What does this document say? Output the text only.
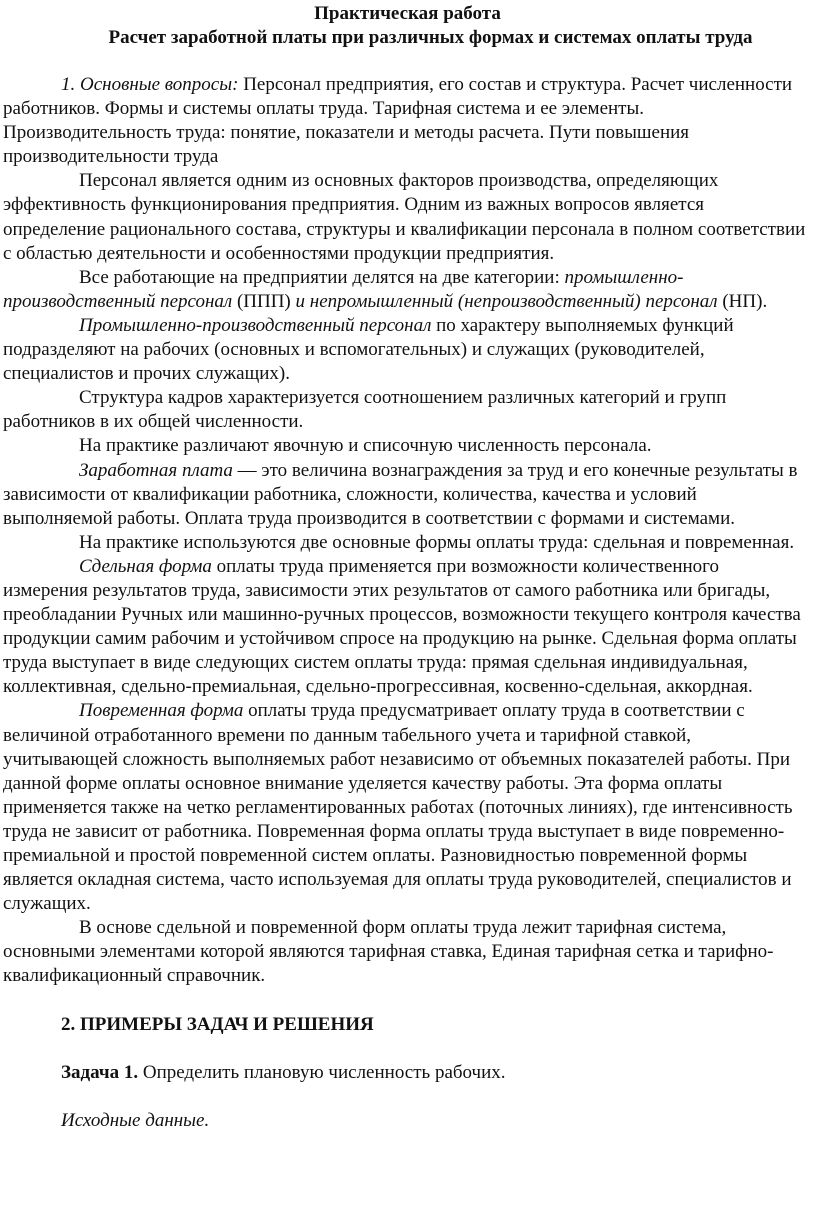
Практическая работа
Расчет заработной платы при различных формах и системах оплаты труда

1. Основные вопросы: Персонал предприятия, его состав и структура. Расчет численности работников. Формы и системы оплаты труда. Тарифная система и ее элементы. Производительность труда: понятие, показатели и методы расчета. Пути повышения производительности труда

Персонал является одним из основных факторов производства, определяющих эффективность функционирования предприятия. Одним из важных вопросов является определение рационального состава, структуры и квалификации персонала в полном соответствии с областью деятельности и особенностями продукции предприятия.

Все работающие на предприятии делятся на две категории: промышленно-производственный персонал (ППП) и непромышленный (непроизводственный) персонал (НП).

Промышленно-производственный персонал по характеру выполняемых функций подразделяют на рабочих (основных и вспомогательных) и служащих (руководителей, специалистов и прочих служащих).

Структура кадров характеризуется соотношением различных категорий и групп работников в их общей численности.

На практике различают явочную и списочную численность персонала.

Заработная плата — это величина вознаграждения за труд и его конечные результаты в зависимости от квалификации работника, сложности, количества, качества и условий выполняемой работы. Оплата труда производится в соответствии с формами и системами.

На практике используются две основные формы оплаты труда: сдельная и повременная.

Сдельная форма оплаты труда применяется при возможности количественного измерения результатов труда, зависимости этих результатов от самого работника или бригады, преобладании Ручных или машинно-ручных процессов, возможности текущего контроля качества продукции самим рабочим и устойчивом спросе на продукцию на рынке. Сдельная форма оплаты труда выступает в виде следующих систем оплаты труда: прямая сдельная индивидуальная, коллективная, сдельно-премиальная, сдельно-прогрессивная, косвенно-сдельная, аккордная.

Повременная форма оплаты труда предусматривает оплату труда в соответствии с величиной отработанного времени по данным табельного учета и тарифной ставкой, учитывающей сложность выполняемых работ независимо от объемных показателей работы. При данной форме оплаты основное внимание уделяется качеству работы. Эта форма оплаты применяется также на четко регламентированных работах (поточных линиях), где интенсивность труда не зависит от работника. Повременная форма оплаты труда выступает в виде повременно-премиальной и простой повременной систем оплаты. Разновидностью повременной формы является окладная система, часто используемая для оплаты труда руководителей, специалистов и служащих.

В основе сдельной и повременной форм оплаты труда лежит тарифная система, основными элементами которой являются тарифная ставка, Единая тарифная сетка и тарифно-квалификационный справочник.

2. ПРИМЕРЫ ЗАДАЧ И РЕШЕНИЯ
Задача 1. Определить плановую численность рабочих.
Исходные данные.
